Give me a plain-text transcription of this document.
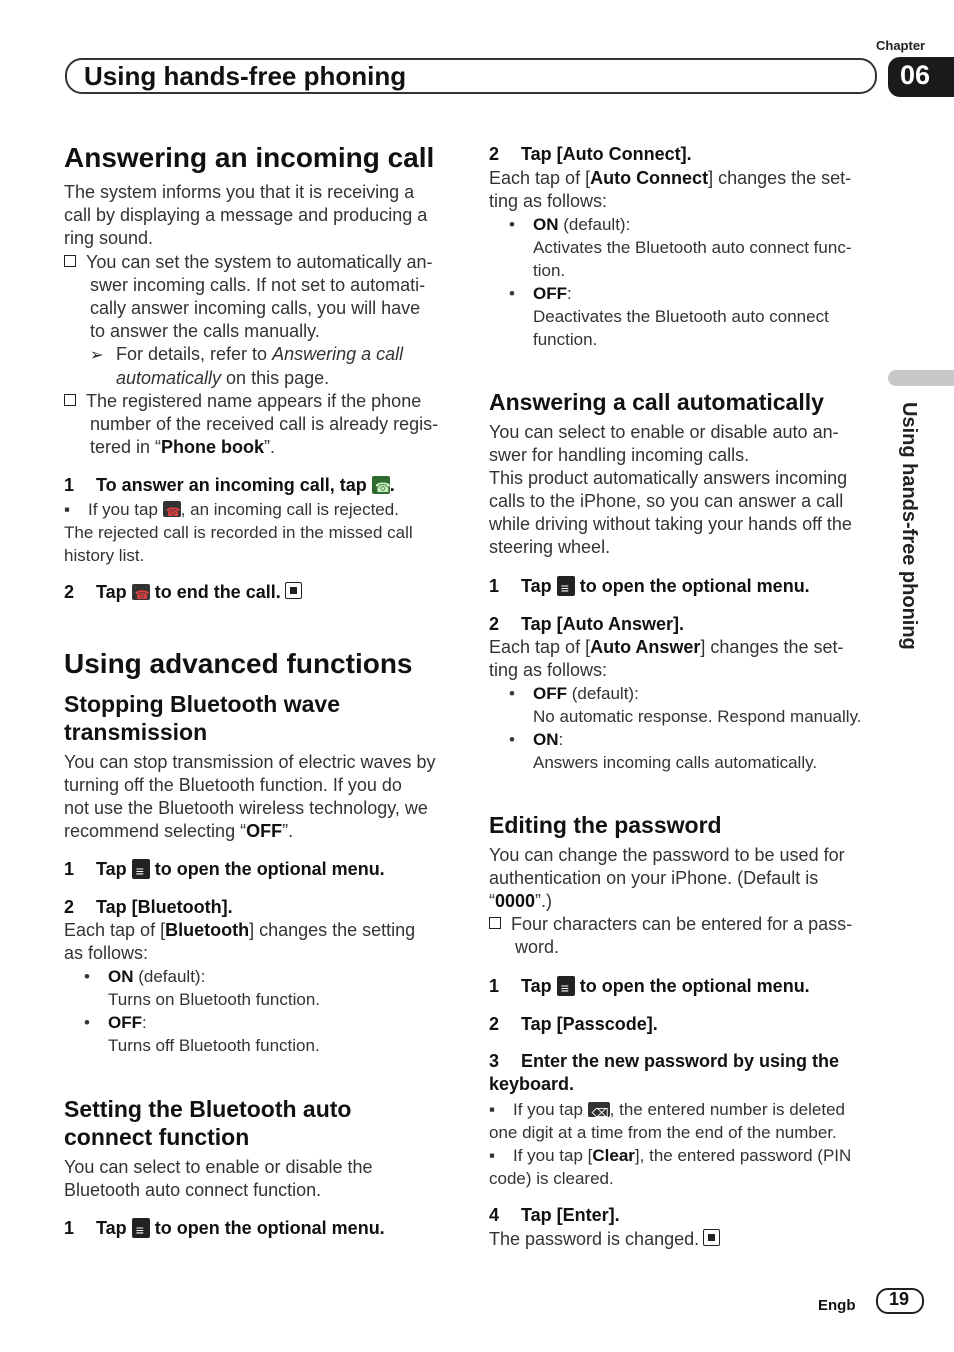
Chapter
06
Using hands-free phoning
Using hands-free phoning
Answering an incoming call
The system informs you that it is receiving a
call by displaying a message and producing a
ring sound.
You can set the system to automatically an-
swer incoming calls. If not set to automati-
cally answer incoming calls, you will have
to answer the calls manually.
➢ For details, refer to Answering a call
automatically on this page.
The registered name appears if the phone
number of the received call is already regis-
tered in “Phone book”.
1 To answer an incoming call, tap ☎ .
▪ If you tap ☎ , an incoming call is rejected.
The rejected call is recorded in the missed call
history list.
2 Tap ☎ to end the call.
Using advanced functions
Stopping Bluetooth wave
transmission
You can stop transmission of electric waves by
turning off the Bluetooth function. If you do
not use the Bluetooth wireless technology, we
recommend selecting “OFF”.
1 Tap ≡ to open the optional menu.
2 Tap [Bluetooth].
Each tap of [Bluetooth] changes the setting
as follows:
• ON (default):
Turns on Bluetooth function.
• OFF:
Turns off Bluetooth function.
Setting the Bluetooth auto
connect function
You can select to enable or disable the
Bluetooth auto connect function.
1 Tap ≡ to open the optional menu.
2 Tap [Auto Connect].
Each tap of [Auto Connect] changes the set-
ting as follows:
• ON (default):
Activates the Bluetooth auto connect func-
tion.
• OFF:
Deactivates the Bluetooth auto connect
function.
Answering a call automatically
You can select to enable or disable auto an-
swer for handling incoming calls.
This product automatically answers incoming
calls to the iPhone, so you can answer a call
while driving without taking your hands off the
steering wheel.
1 Tap ≡ to open the optional menu.
2 Tap [Auto Answer].
Each tap of [Auto Answer] changes the set-
ting as follows:
• OFF (default):
No automatic response. Respond manually.
• ON:
Answers incoming calls automatically.
Editing the password
You can change the password to be used for
authentication on your iPhone. (Default is
“0000”.)
Four characters can be entered for a pass-
word.
1 Tap ≡ to open the optional menu.
2 Tap [Passcode].
3 Enter the new password by using the
keyboard.
▪ If you tap ⌫ , the entered number is deleted
one digit at a time from the end of the number.
▪ If you tap [Clear], the entered password (PIN
code) is cleared.
4 Tap [Enter].
The password is changed.
Engb 19
